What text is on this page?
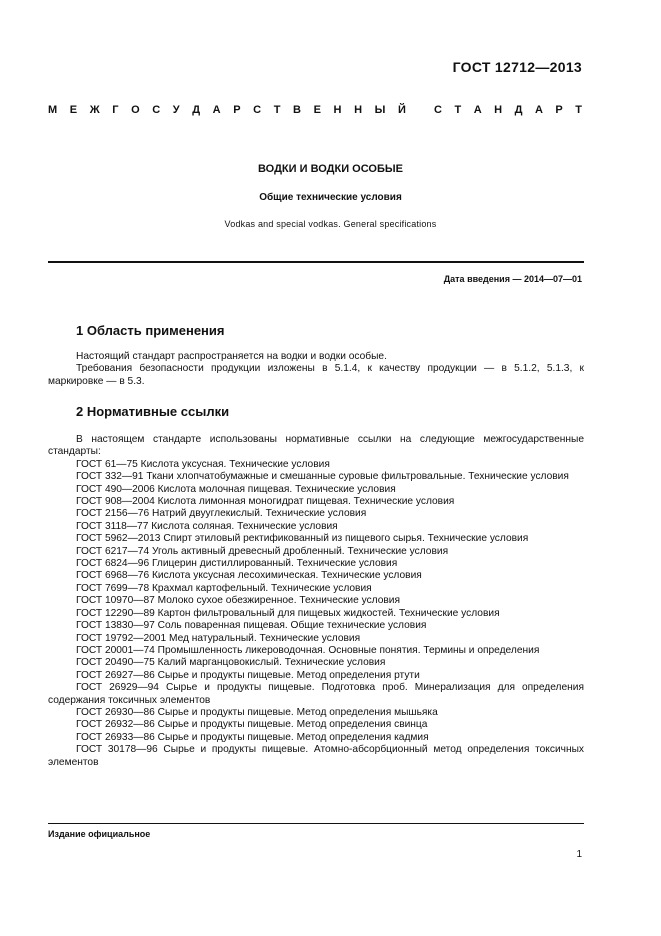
ГОСТ 12712—2013
М Е Ж Г О С У Д А Р С Т В Е Н Н Ы Й	С Т А Н Д А Р Т
ВОДКИ И ВОДКИ ОСОБЫЕ
Общие технические условия
Vodkas and special vodkas. General specifications
Дата введения — 2014—07—01
1 Область применения
Настоящий стандарт распространяется на водки и водки особые.
Требования безопасности продукции изложены в 5.1.4, к качеству продукции — в 5.1.2, 5.1.3, к маркировке — в 5.3.
2 Нормативные ссылки
В настоящем стандарте использованы нормативные ссылки на следующие межгосударственные стандарты:
ГОСТ 61—75 Кислота уксусная. Технические условия
ГОСТ 332—91 Ткани хлопчатобумажные и смешанные суровые фильтровальные. Технические условия
ГОСТ 490—2006 Кислота молочная пищевая. Технические условия
ГОСТ 908—2004 Кислота лимонная моногидрат пищевая. Технические условия
ГОСТ 2156—76 Натрий двууглекислый. Технические условия
ГОСТ 3118—77 Кислота соляная. Технические условия
ГОСТ 5962—2013 Спирт этиловый ректификованный из пищевого сырья. Технические условия
ГОСТ 6217—74 Уголь активный древесный дробленный. Технические условия
ГОСТ 6824—96 Глицерин дистиллированный. Технические условия
ГОСТ 6968—76 Кислота уксусная лесохимическая. Технические условия
ГОСТ 7699—78 Крахмал картофельный. Технические условия
ГОСТ 10970—87 Молоко сухое обезжиренное. Технические условия
ГОСТ 12290—89 Картон фильтровальный для пищевых жидкостей. Технические условия
ГОСТ 13830—97 Соль поваренная пищевая. Общие технические условия
ГОСТ 19792—2001 Мед натуральный. Технические условия
ГОСТ 20001—74 Промышленность ликероводочная. Основные понятия. Термины и определения
ГОСТ 20490—75 Калий марганцовокислый. Технические условия
ГОСТ 26927—86 Сырье и продукты пищевые. Метод определения ртути
ГОСТ 26929—94 Сырье и продукты пищевые. Подготовка проб. Минерализация для определения содержания токсичных элементов
ГОСТ 26930—86 Сырье и продукты пищевые. Метод определения мышьяка
ГОСТ 26932—86 Сырье и продукты пищевые. Метод определения свинца
ГОСТ 26933—86 Сырье и продукты пищевые. Метод определения кадмия
ГОСТ 30178—96 Сырье и продукты пищевые. Атомно-абсорбционный метод определения токсичных элементов
Издание официальное
1
